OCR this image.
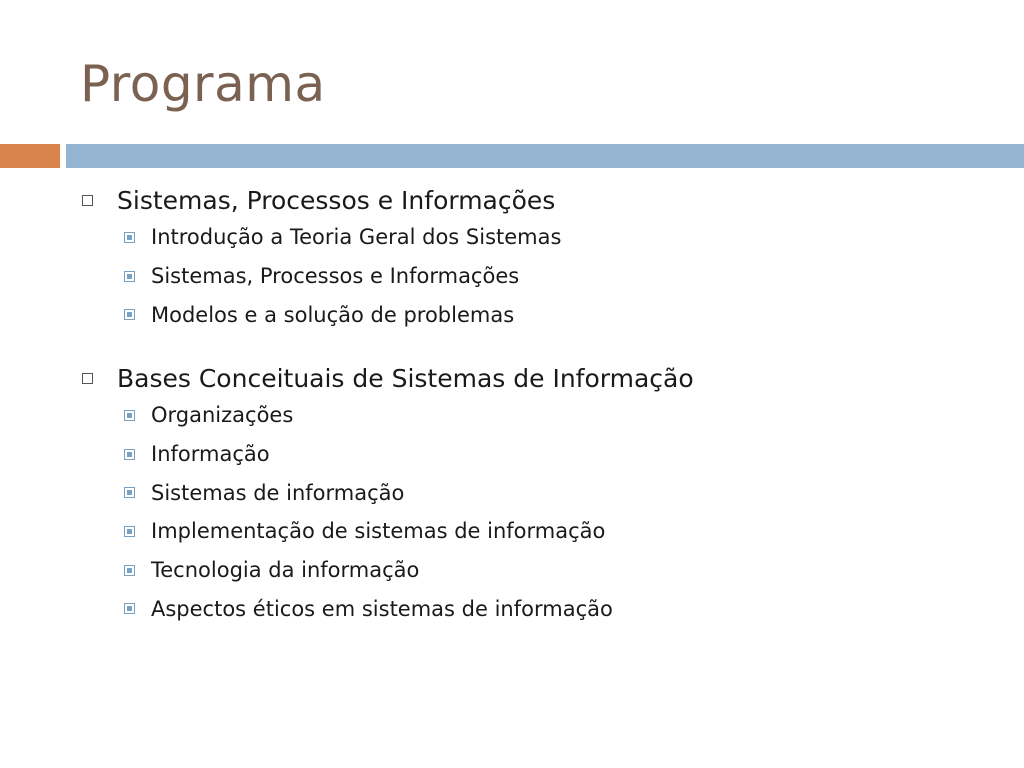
Programa
Sistemas, Processos e Informações
Introdução a Teoria Geral dos Sistemas
Sistemas, Processos e Informações
Modelos e a solução de problemas
Bases Conceituais de Sistemas de Informação
Organizações
Informação
Sistemas de informação
Implementação de sistemas de informação
Tecnologia da informação
Aspectos éticos em sistemas de informação
